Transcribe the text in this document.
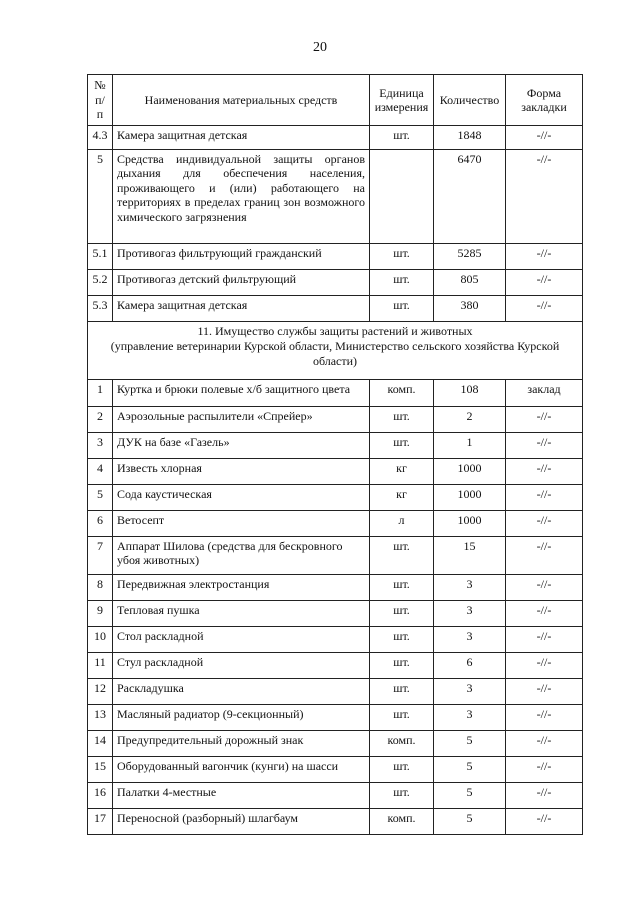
20
№ п/п	Наименования материальных средств	Единица измерения	Количество	Форма закладки
4.3	Камера защитная детская	шт.	1848	-//-
5	Средства индивидуальной защиты органов дыхания для обеспечения населения, проживающего и (или) работающего на территориях в пределах границ зон возможного химического загрязнения		6470	-//-
5.1	Противогаз фильтрующий гражданский	шт.	5285	-//-
5.2	Противогаз детский фильтрующий	шт.	805	-//-
5.3	Камера защитная детская	шт.	380	-//-

11. Имущество службы защиты растений и животных
(управление ветеринарии Курской области, Министерство сельского хозяйства Курской области)				

1	Куртка и брюки полевые х/б защитного цвета	комп.	108	заклад
2	Аэрозольные распылители «Спрейер»	шт.	2	-//-
3	ДУК на базе «Газель»	шт.	1	-//-
4	Известь хлорная	кг	1000	-//-
5	Сода каустическая	кг	1000	-//-
6	Ветосепт	л	1000	-//-
7	Аппарат Шилова (средства для бескровного убоя животных)	шт.	15	-//-
8	Передвижная электростанция	шт.	3	-//-
9	Тепловая пушка	шт.	3	-//-
10	Стол раскладной	шт.	3	-//-
11	Стул раскладной	шт.	6	-//-
12	Раскладушка	шт.	3	-//-
13	Масляный радиатор (9-секционный)	шт.	3	-//-
14	Предупредительный дорожный знак	комп.	5	-//-
15	Оборудованный вагончик (кунги) на шасси	шт.	5	-//-
16	Палатки 4-местные	шт.	5	-//-
17	Переносной (разборный) шлагбаум	комп.	5	-//-
